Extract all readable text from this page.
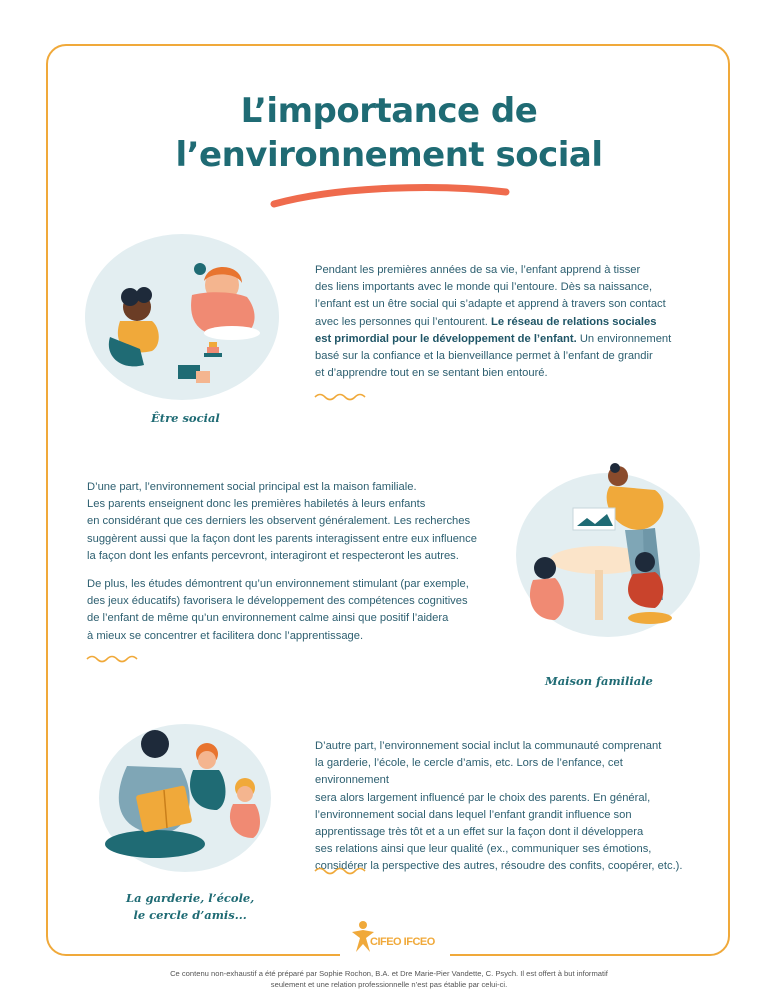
L’importance de
l’environnement social

Être social

Pendant les premières années de sa vie, l’enfant apprend à tisser
des liens importants avec le monde qui l’entoure. Dès sa naissance,
l’enfant est un être social qui s’adapte et apprend à travers son contact
avec les personnes qui l’entourent. Le réseau de relations sociales
est primordial pour le développement de l’enfant. Un environnement
basé sur la confiance et la bienveillance permet à l’enfant de grandir
et d’apprendre tout en se sentant bien entouré.

D’une part, l’environnement social principal est la maison familiale.
Les parents enseignent donc les premières habiletés à leurs enfants
en considérant que ces derniers les observent généralement. Les recherches
suggèrent aussi que la façon dont les parents interagissent entre eux influence
la façon dont les enfants percevront, interagiront et respecteront les autres.

De plus, les études démontrent qu’un environnement stimulant (par exemple,
des jeux éducatifs) favorisera le développement des compétences cognitives
de l’enfant de même qu’un environnement calme ainsi que positif l’aidera
à mieux se concentrer et facilitera donc l’apprentissage.

Maison familiale

La garderie, l’école,
le cercle d’amis...

D’autre part, l’environnement social inclut la communauté comprenant
la garderie, l’école, le cercle d’amis, etc. Lors de l’enfance, cet environnement
sera alors largement influencé par le choix des parents. En général,
l’environnement social dans lequel l’enfant grandit influence son
apprentissage très tôt et a un effet sur la façon dont il développera
ses relations ainsi que leur qualité (ex., communiquer ses émotions,
considérer la perspective des autres, résoudre des confits, coopérer, etc.).

CIFEO IFCEO

Ce contenu non-exhaustif a été préparé par Sophie Rochon, B.A. et Dre Marie-Pier Vandette, C. Psych. Il est offert à but informatif
seulement et une relation professionnelle n’est pas établie par celui-ci.
